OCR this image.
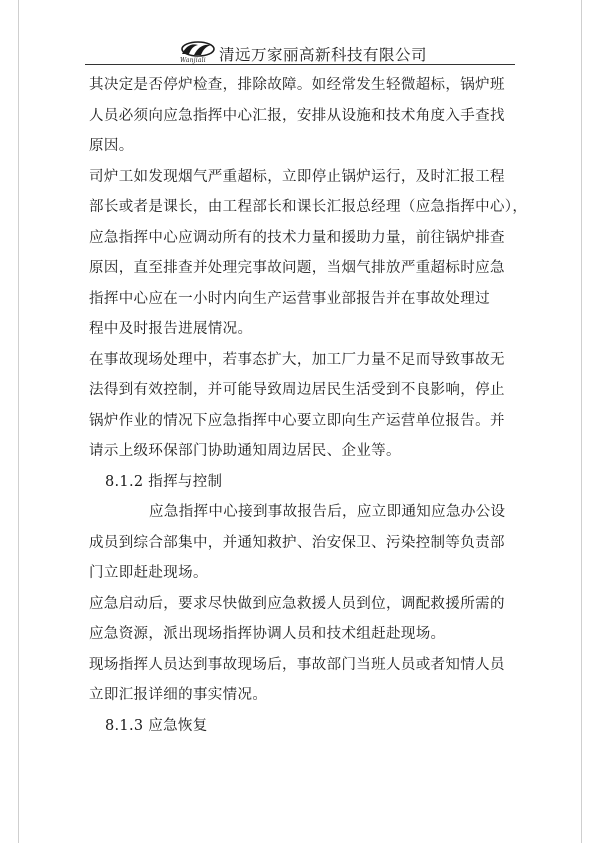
Wanjiali 清远万家丽高新科技有限公司

其决定是否停炉检查，排除故障。如经常发生轻微超标，锅炉班
人员必须向应急指挥中心汇报，安排从设施和技术角度入手查找
原因。

司炉工如发现烟气严重超标，立即停止锅炉运行，及时汇报工程
部长或者是课长，由工程部长和课长汇报总经理（应急指挥中心），
应急指挥中心应调动所有的技术力量和援助力量，前往锅炉排查
原因，直至排查并处理完事故问题，当烟气排放严重超标时应急
指挥中心应在一小时内向生产运营事业部报告并在事故处理过
程中及时报告进展情况。

在事故现场处理中，若事态扩大，加工厂力量不足而导致事故无
法得到有效控制，并可能导致周边居民生活受到不良影响，停止
锅炉作业的情况下应急指挥中心要立即向生产运营单位报告。并
请示上级环保部门协助通知周边居民、企业等。

8.1.2 指挥与控制

应急指挥中心接到事故报告后，应立即通知应急办公设
成员到综合部集中，并通知救护、治安保卫、污染控制等负责部
门立即赶赴现场。

应急启动后，要求尽快做到应急救援人员到位，调配救援所需的
应急资源，派出现场指挥协调人员和技术组赶赴现场。

现场指挥人员达到事故现场后，事故部门当班人员或者知情人员
立即汇报详细的事实情况。

8.1.3 应急恢复
